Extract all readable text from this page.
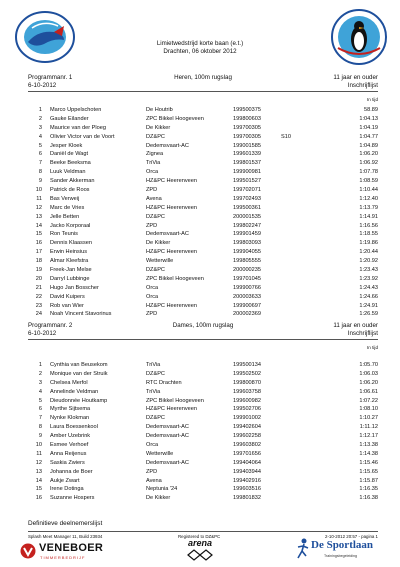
Limietwedstrijd korte baan (e.t.)
Drachten, 06 oktober 2012
Programmanr. 1	Heren, 100m rugslag	11 jaar en ouder
6-10-2012	Inschrijflijst
In tijd
1 Marco Uppelschoten	De Houtrib	199500375	58.89
2 Gauke Eilander	ZPC Bikkel Hoogeveen	199800603	1:04.13
3 Maurice van der Ploeg	De Kikker	199700305	1:04.19
4 Olivier Victor van de Voort	DZ&PC	199700305	S10	1:04.77
5 Jesper Kloek	Dedemsvaart-AC	199001585	1:04.89
6 Daniël de Wagt	Zignea	199601339	1:06.20
7 Beeke Beeksma	TriVia	199801537	1:06.92
8 Luuk Veldman	Orca	199900981	1:07.78
9 Sander Akkerman	HZ&PC Heerenveen	199501527	1:08.59
10 Patrick de Roos	ZPD	199702071	1:10.44
11 Bas Verweij	Avena	199702493	1:12.40
12 Marc de Vries	HZ&PC Heerenveen	199500361	1:13.79
13 Jelle Betten	DZ&PC	200001535	1:14.91
14 Jacko Korporaal	ZPD	199802247	1:16.56
15 Ron Teunis	Dedemsvaart-AC	199901459	1:18.55
16 Dennis Klaassen	De Kikker	199803093	1:19.86
17 Erwin Heinsius	HZ&PC Heerenveen	199904055	1:20.44
18 Almar Kleefstra	Wetterwille	199805555	1:20.92
19 Freek-Jan Melse	DZ&PC	200000235	1:23.43
20 Darryl Lubbinge	ZPC Bikkel Hoogeveen	199701045	1:23.92
21 Hugo Jan Bosscher	Orca	199900766	1:24.43
22 David Kuipers	Orca	200003633	1:24.66
23 Rob van Wier	HZ&PC Heerenveen	199900697	1:24.91
24 Noah Vincent Stavorinus	ZPD	200002369	1:26.59
Programmanr. 2	Dames, 100m rugslag	11 jaar en ouder
6-10-2012	Inschrijflijst
In tijd
1 Cynthia van Beusekom	TriVia	199500134	1:05.70
2 Monique van der Struik	DZ&PC	199502502	1:06.03
3 Chelsea Merfol	RTC Drachten	199800870	1:06.20
4 Annelinde Veldman	TriVia	199603758	1:06.61
5 Dieudonnée Houtkamp	ZPC Bikkel Hoogeveen	199600982	1:07.22
6 Myrthe Sijtsema	HZ&PC Heerenveen	199502706	1:08.10
7 Nynke Klokman	DZ&PC	199901002	1:10.27
8 Laura Boessenkool	Dedemsvaart-AC	199402604	1:11.12
9 Amber Uzebrink	Dedemsvaart-AC	199602258	1:12.17
10 Esmee Verhoef	Orca	199603802	1:13.38
11 Anna Reijenus	Wetterwille	199701656	1:14.38
12 Saskia Zwiers	Dedemsvaart-AC	199404064	1:15.46
13 Johanna de Boer	ZPD	199403944	1:15.65
14 Aukje Zwart	Avena	199402916	1:15.87
15 Irene Dotinga	Neptunia '24	199603516	1:16.35
16 Suzanne Hospers	De Kikker	199801832	1:16.38
Definitieve deelnemerslijst
Splash Meet Manager 11, Build 23934	Registered to DZ&PC	2-10-2012 20:57 - pagina 1
VENEBOER
TIMMERBEDRIJF
arena	De Sportlaan
Trainingsbegeleiding
